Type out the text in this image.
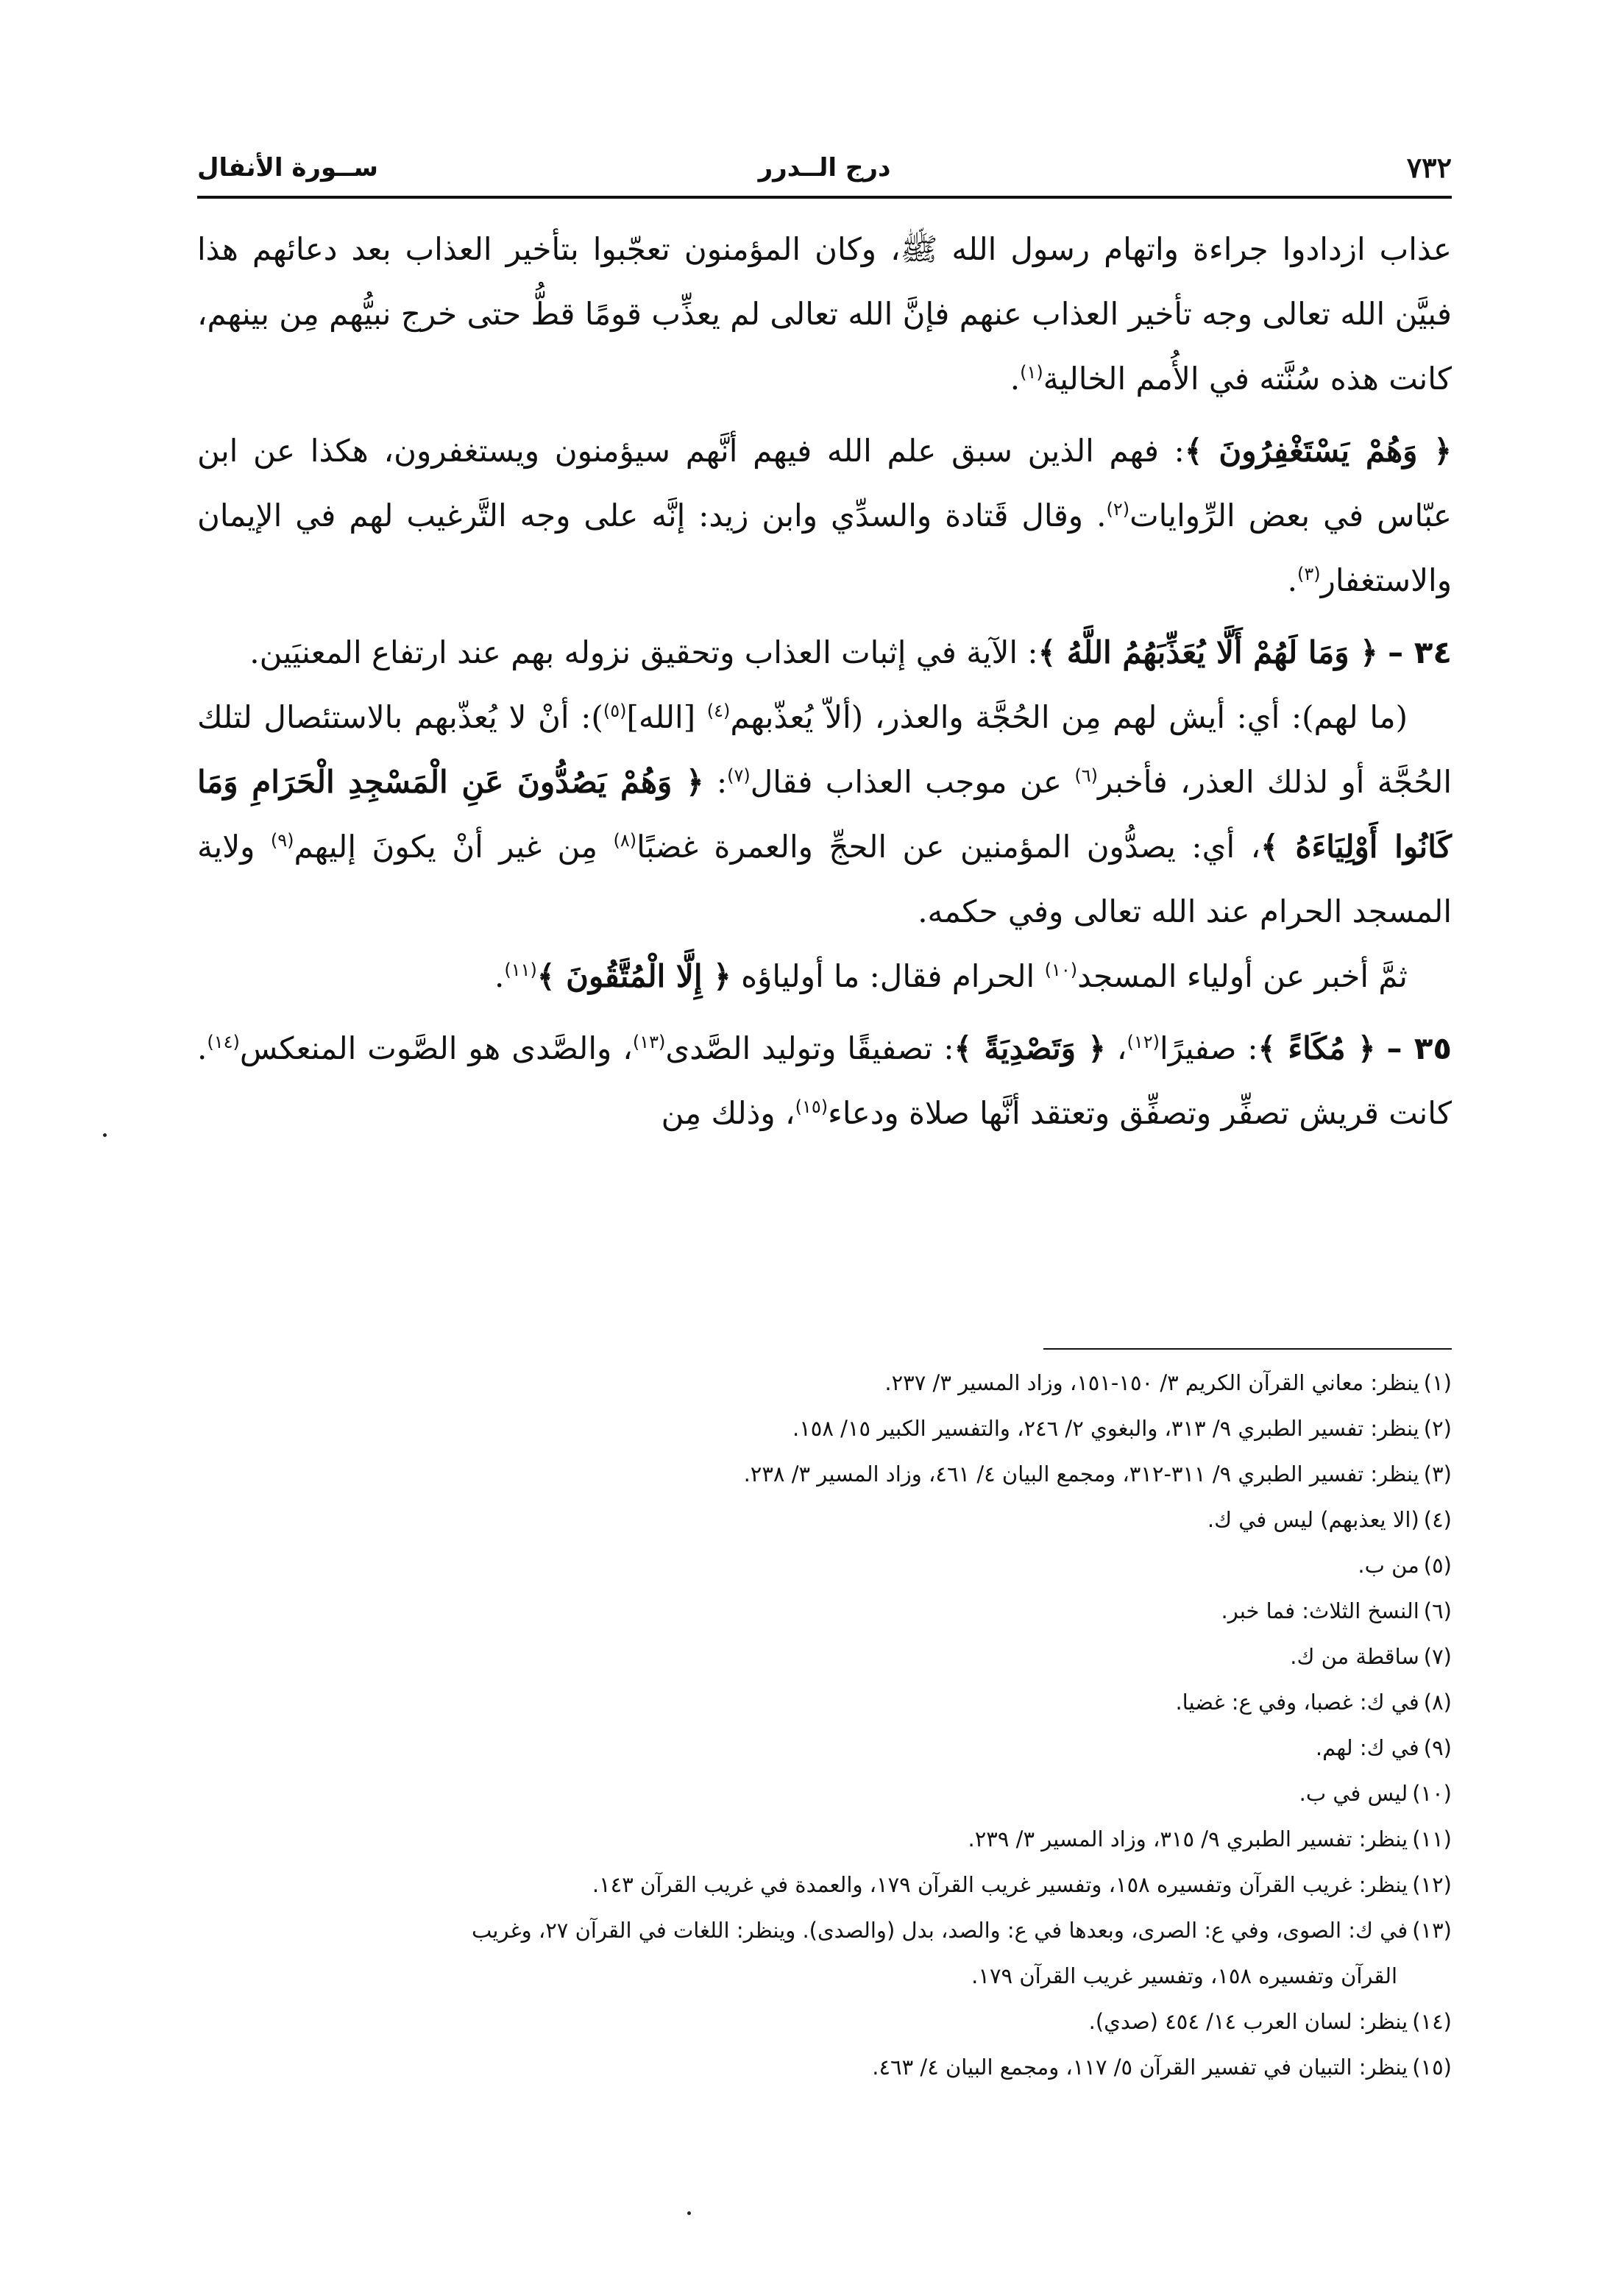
٧٣٢
درج الــدرر
ســورة الأنفال

عذاب ازدادوا جراءة واتهام رسول الله ﷺ، وكان المؤمنون تعجّبوا بتأخير العذاب بعد دعائهم هذا فبيَّن الله تعالى وجه تأخير العذاب عنهم فإنَّ الله تعالى لم يعذِّب قومًا قطُّ حتى خرج نبيُّهم مِن بينهم، كانت هذه سُنَّته في الأُمم الخالية$^{(١)}$.

﴿ وَهُمْ يَسْتَغْفِرُونَ ﴾: فهم الذين سبق علم الله فيهم أنَّهم سيؤمنون ويستغفرون، هكذا عن ابن عبّاس في بعض الرِّوايات$^{(٢)}$. وقال قَتادة والسدِّي وابن زيد: إنَّه على وجه التَّرغيب لهم في الإيمان والاستغفار$^{(٣)}$.

٣٤ – ﴿ وَمَا لَهُمْ أَلَّا يُعَذِّبَهُمُ اللَّهُ ﴾: الآية في إثبات العذاب وتحقيق نزوله بهم عند ارتفاع المعنيَين.

(ما لهم): أي: أيش لهم مِن الحُجَّة والعذر، (ألاّ يُعذّبهم$^{(٤)}$ [الله]$^{(٥)}$): أنْ لا يُعذّبهم بالاستئصال لتلك الحُجَّة أو لذلك العذر، فأخبر$^{(٦)}$ عن موجب العذاب فقال$^{(٧)}$: ﴿ وَهُمْ يَصُدُّونَ عَنِ الْمَسْجِدِ الْحَرَامِ وَمَا كَانُوا أَوْلِيَاءَهُ ﴾، أي: يصدُّون المؤمنين عن الحجِّ والعمرة غضبًا$^{(٨)}$ مِن غير أنْ يكونَ إليهم$^{(٩)}$ ولاية المسجد الحرام عند الله تعالى وفي حكمه.

ثمَّ أخبر عن أولياء المسجد$^{(١٠)}$ الحرام فقال: ما أولياؤه ﴿ إِلَّا الْمُتَّقُونَ ﴾$^{(١١)}$.

٣٥ – ﴿ مُكَاءً ﴾: صفيرًا$^{(١٢)}$، ﴿ وَتَصْدِيَةً ﴾: تصفيقًا وتوليد الصَّدى$^{(١٣)}$، والصَّدى هو الصَّوت المنعكس$^{(١٤)}$. كانت قريش تصفِّر وتصفِّق وتعتقد أنَّها صلاة ودعاء$^{(١٥)}$، وذلك مِن

(١)ينظر: معاني القرآن الكريم ٣/ ١٥٠-١٥١، وزاد المسير ٣/ ٢٣٧.

(٢)ينظر: تفسير الطبري ٩/ ٣١٣، والبغوي ٢/ ٢٤٦، والتفسير الكبير ١٥/ ١٥٨.

(٣)ينظر: تفسير الطبري ٩/ ٣١١-٣١٢، ومجمع البيان ٤/ ٤٦١، وزاد المسير ٣/ ٢٣٨.

(٤)(الا يعذبهم) ليس في ك.

(٥)من ب.

(٦)النسخ الثلاث: فما خبر.

(٧)ساقطة من ك.

(٨)في ك: غصبا، وفي ع: غضيا.

(٩)في ك: لهم.

(١٠)ليس في ب.

(١١)ينظر: تفسير الطبري ٩/ ٣١٥، وزاد المسير ٣/ ٢٣٩.

(١٢)ينظر: غريب القرآن وتفسيره ١٥٨، وتفسير غريب القرآن ١٧٩، والعمدة في غريب القرآن ١٤٣.

(١٣)في ك: الصوى، وفي ع: الصرى، وبعدها في ع: والصد، بدل (والصدى). وينظر: اللغات في القرآن ٢٧، وغريب

القرآن وتفسيره ١٥٨، وتفسير غريب القرآن ١٧٩.

(١٤)ينظر: لسان العرب ١٤/ ٤٥٤ (صدي).

(١٥)ينظر: التبيان في تفسير القرآن ٥/ ١١٧، ومجمع البيان ٤/ ٤٦٣.
